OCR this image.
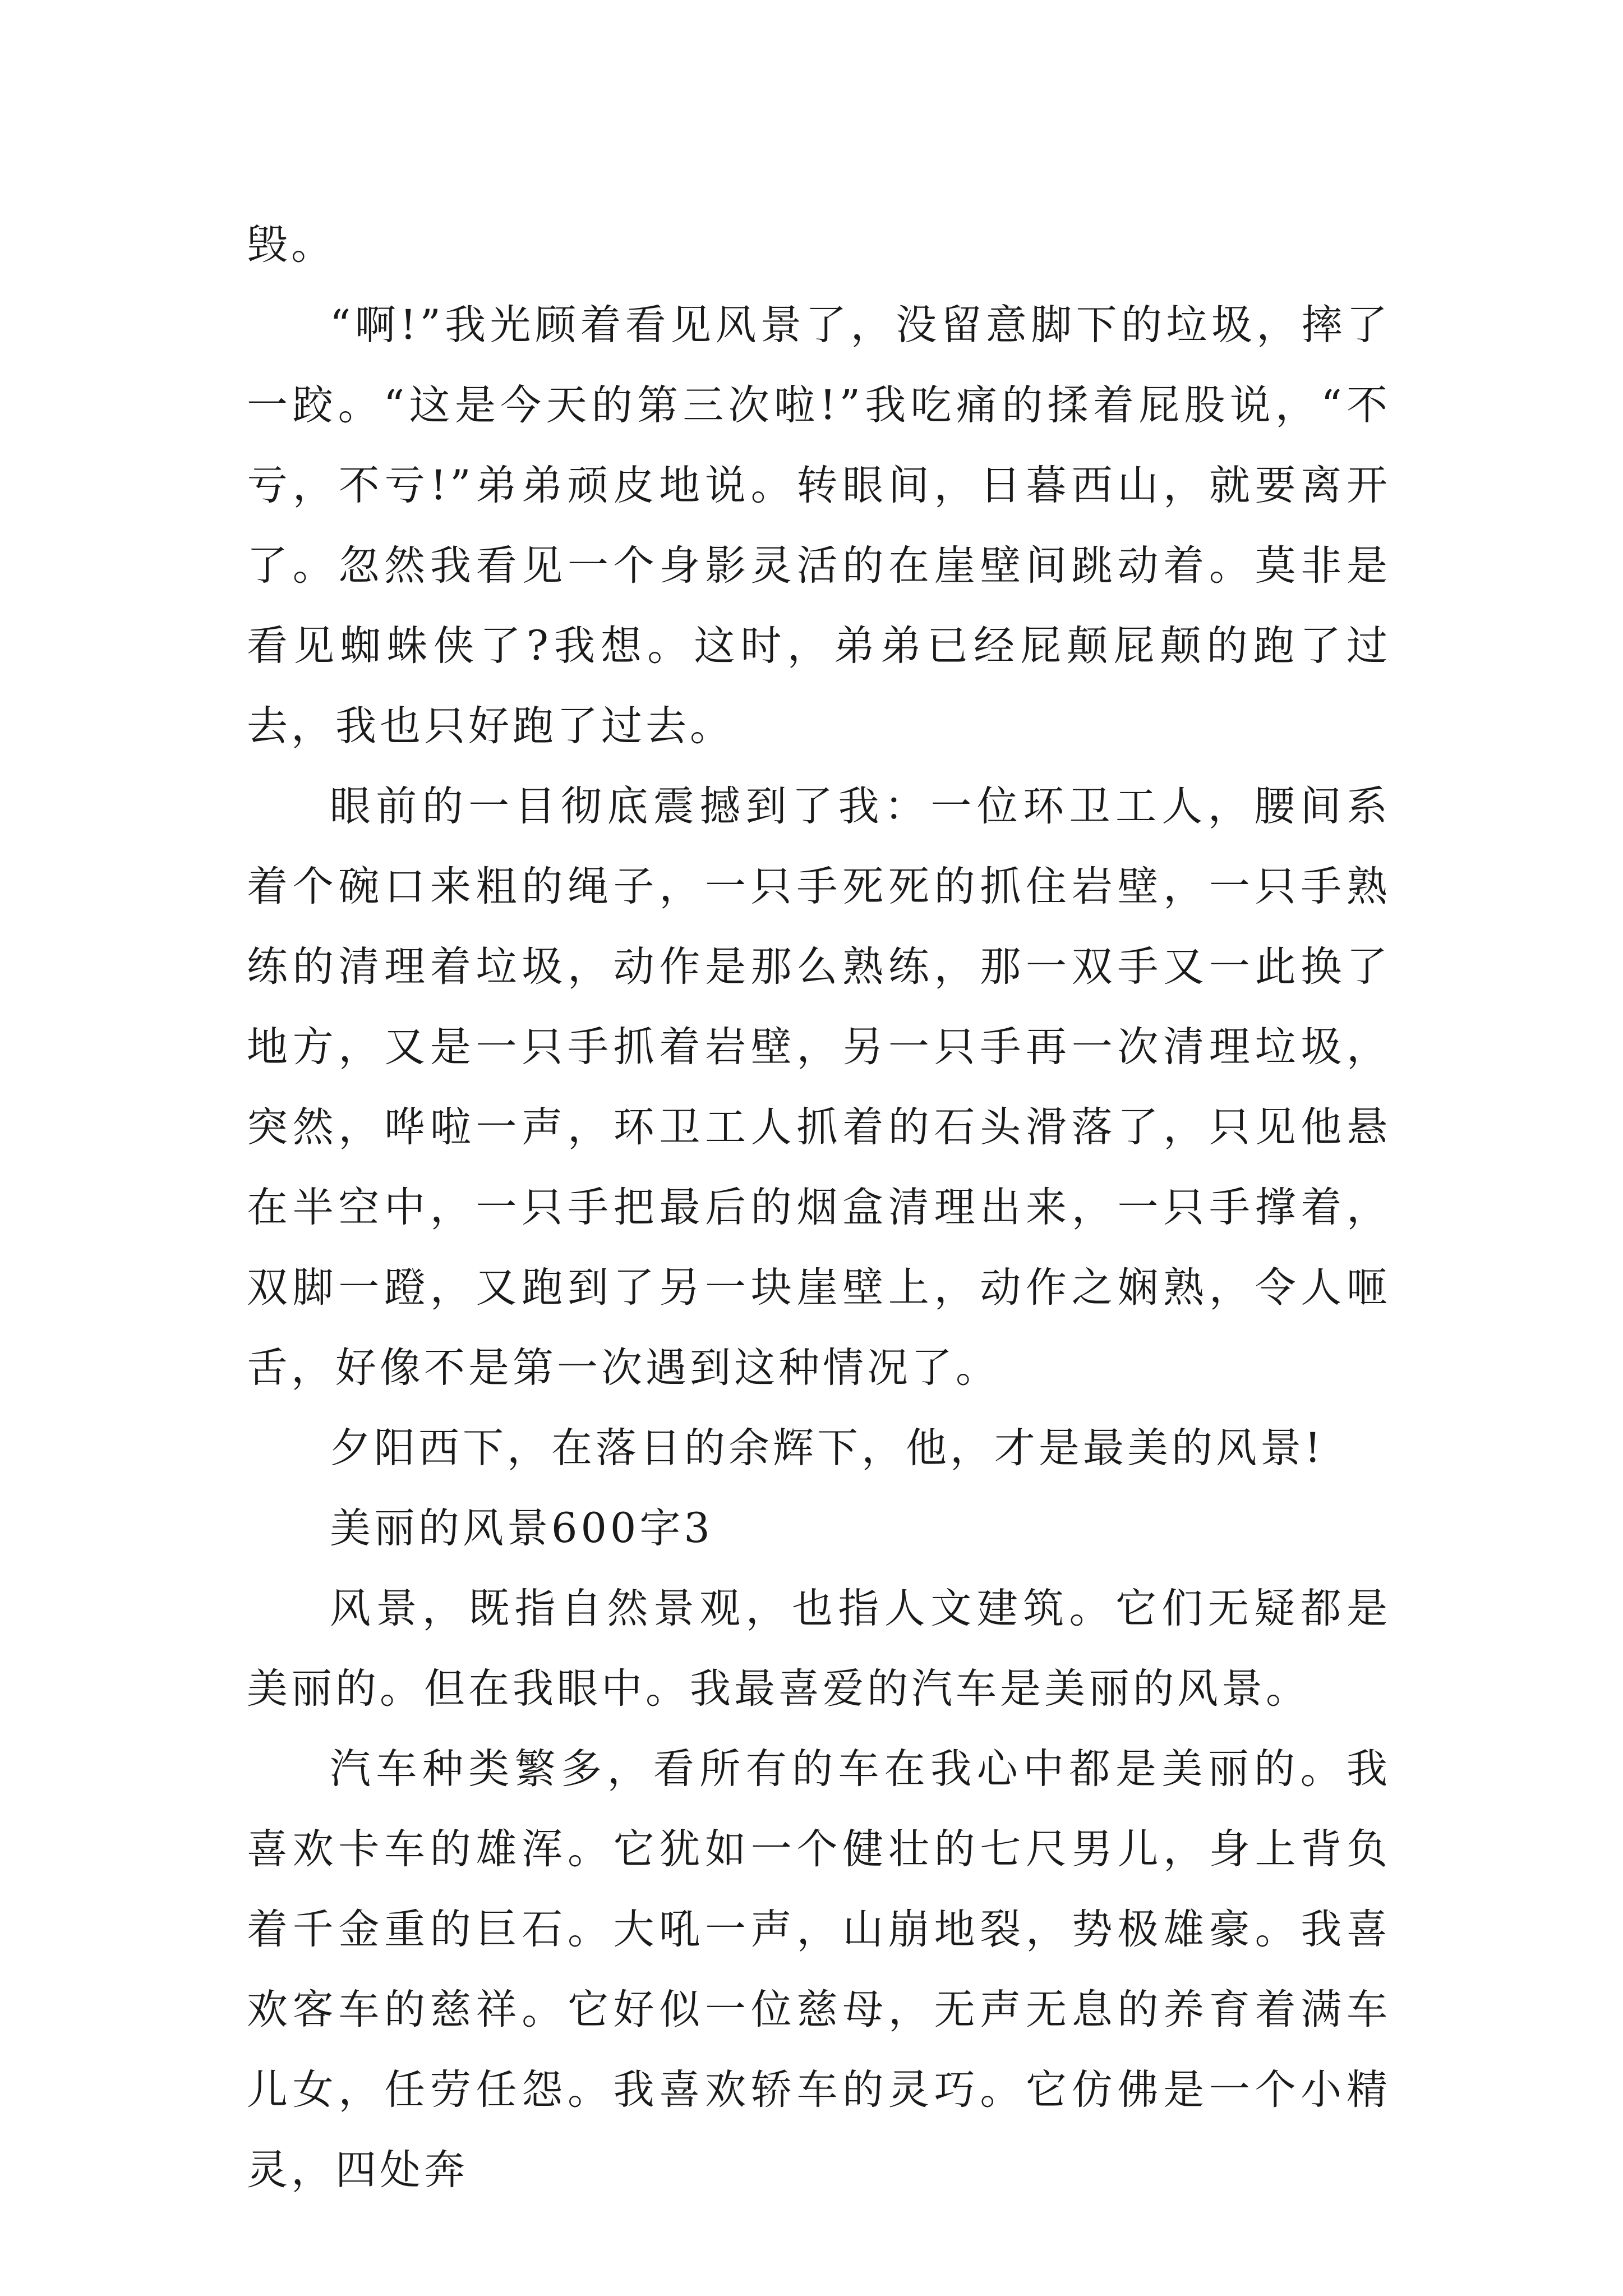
毁。

“啊!”我光顾着看见风景了，没留意脚下的垃圾，摔了一跤。“这是今天的第三次啦!”我吃痛的揉着屁股说，“不亏，不亏!”弟弟顽皮地说。转眼间，日暮西山，就要离开了。忽然我看见一个身影灵活的在崖壁间跳动着。莫非是看见蜘蛛侠了?我想。这时，弟弟已经屁颠屁颠的跑了过去，我也只好跑了过去。

眼前的一目彻底震撼到了我：一位环卫工人，腰间系着个碗口来粗的绳子，一只手死死的抓住岩壁，一只手熟练的清理着垃圾，动作是那么熟练，那一双手又一此换了地方，又是一只手抓着岩壁，另一只手再一次清理垃圾，突然，哗啦一声，环卫工人抓着的石头滑落了，只见他悬在半空中，一只手把最后的烟盒清理出来，一只手撑着，双脚一蹬，又跑到了另一块崖壁上，动作之娴熟，令人咂舌，好像不是第一次遇到这种情况了。

夕阳西下，在落日的余辉下，他，才是最美的风景!

美丽的风景600字3

风景，既指自然景观，也指人文建筑。它们无疑都是美丽的。但在我眼中。我最喜爱的汽车是美丽的风景。

汽车种类繁多，看所有的车在我心中都是美丽的。我喜欢卡车的雄浑。它犹如一个健壮的七尺男儿，身上背负着千金重的巨石。大吼一声，山崩地裂，势极雄豪。我喜欢客车的慈祥。它好似一位慈母，无声无息的养育着满车儿女，任劳任怨。我喜欢轿车的灵巧。它仿佛是一个小精灵，四处奔
